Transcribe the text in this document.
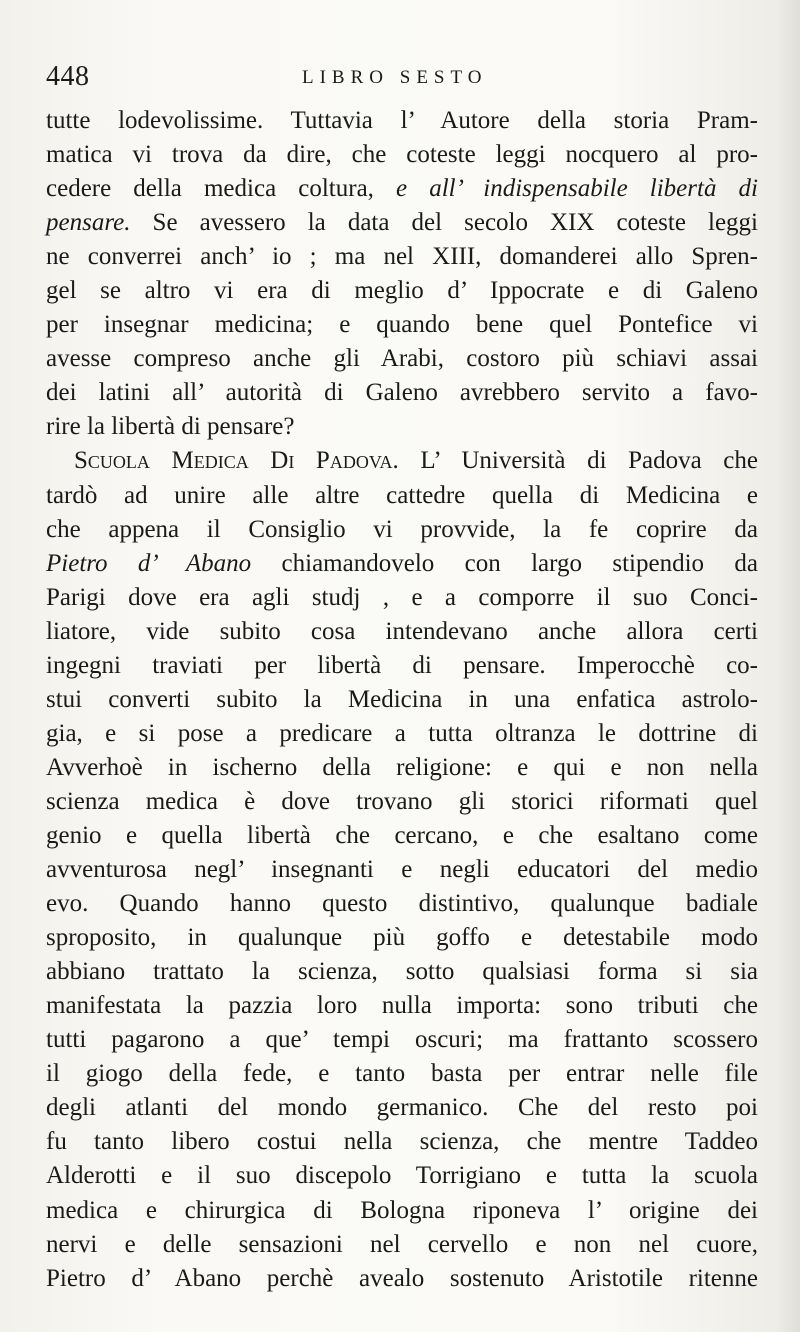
448	LIBRO SESTO
tutte lodevolissime. Tuttavia l’ Autore della storia Pram-
matica vi trova da dire, che coteste leggi nocquero al pro-
cedere della medica coltura, e all’ indispensabile libertà di
pensare. Se avessero la data del secolo XIX coteste leggi
ne converrei anch’ io ; ma nel XIII, domanderei allo Spren-
gel se altro vi era di meglio d’ Ippocrate e di Galeno
per insegnar medicina; e quando bene quel Pontefice vi
avesse compreso anche gli Arabi, costoro più schiavi assai
dei latini all’ autorità di Galeno avrebbero servito a favo-
rire la libertà di pensare?
Scuola Medica Di Padova. L’ Università di Padova che
tardò ad unire alle altre cattedre quella di Medicina e
che appena il Consiglio vi provvide, la fe coprire da
Pietro d’ Abano chiamandovelo con largo stipendio da
Parigi dove era agli studj , e a comporre il suo Conci-
liatore, vide subito cosa intendevano anche allora certi
ingegni traviati per libertà di pensare. Imperocchè co-
stui converti subito la Medicina in una enfatica astrolo-
gia, e si pose a predicare a tutta oltranza le dottrine di
Avverhoè in ischerno della religione: e qui e non nella
scienza medica è dove trovano gli storici riformati quel
genio e quella libertà che cercano, e che esaltano come
avventurosa negl’ insegnanti e negli educatori del medio
evo. Quando hanno questo distintivo, qualunque badiale
sproposito, in qualunque più goffo e detestabile modo
abbiano trattato la scienza, sotto qualsiasi forma si sia
manifestata la pazzia loro nulla importa: sono tributi che
tutti pagarono a que’ tempi oscuri; ma frattanto scossero
il giogo della fede, e tanto basta per entrar nelle file
degli atlanti del mondo germanico. Che del resto poi
fu tanto libero costui nella scienza, che mentre Taddeo
Alderotti e il suo discepolo Torrigiano e tutta la scuola
medica e chirurgica di Bologna riponeva l’ origine dei
nervi e delle sensazioni nel cervello e non nel cuore,
Pietro d’ Abano perchè avealo sostenuto Aristotile ritenne
